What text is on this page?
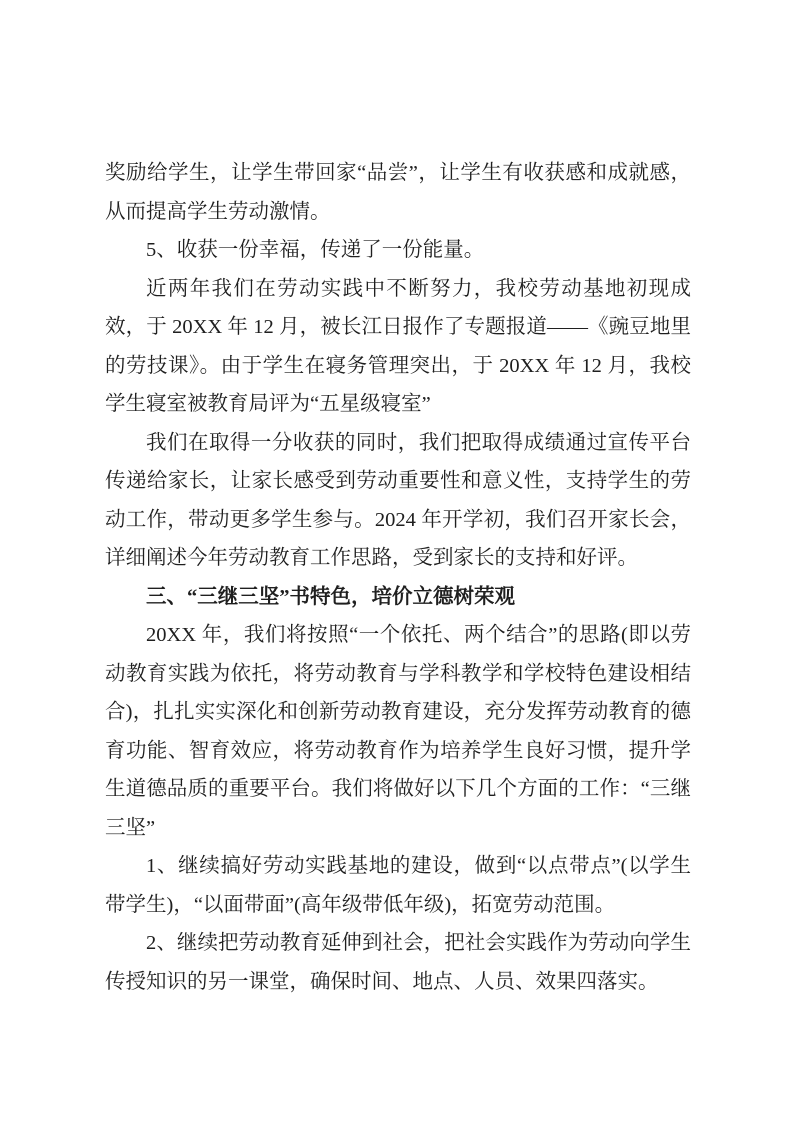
奖励给学生，让学生带回家“品尝”，让学生有收获感和成就感，从而提高学生劳动激情。

5、收获一份幸福，传递了一份能量。

近两年我们在劳动实践中不断努力，我校劳动基地初现成效，于 20XX 年 12 月，被长江日报作了专题报道——《豌豆地里的劳技课》。由于学生在寝务管理突出，于 20XX 年 12 月，我校学生寝室被教育局评为“五星级寝室”

我们在取得一分收获的同时，我们把取得成绩通过宣传平台传递给家长，让家长感受到劳动重要性和意义性，支持学生的劳动工作，带动更多学生参与。2024 年开学初，我们召开家长会，详细阐述今年劳动教育工作思路，受到家长的支持和好评。

三、“三继三坚”书特色，培价立德树荣观

20XX 年，我们将按照“一个依托、两个结合”的思路(即以劳动教育实践为依托，将劳动教育与学科教学和学校特色建设相结合)，扎扎实实深化和创新劳动教育建设，充分发挥劳动教育的德育功能、智育效应，将劳动教育作为培养学生良好习惯，提升学生道德品质的重要平台。我们将做好以下几个方面的工作：“三继三坚”

1、继续搞好劳动实践基地的建设，做到“以点带点”(以学生带学生)，“以面带面”(高年级带低年级)，拓宽劳动范围。

2、继续把劳动教育延伸到社会，把社会实践作为劳动向学生传授知识的另一课堂，确保时间、地点、人员、效果四落实。
